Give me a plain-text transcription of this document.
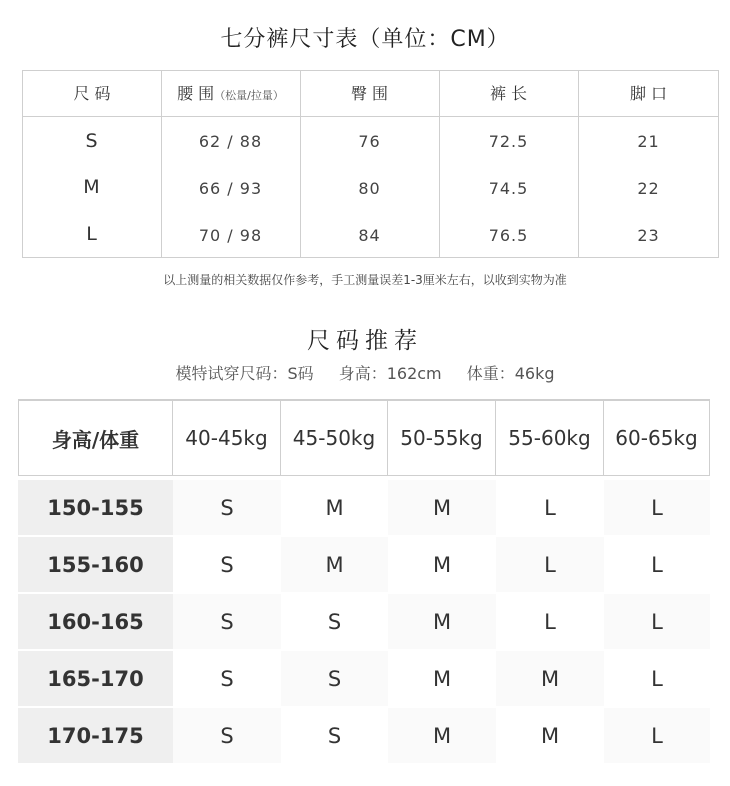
七分裤尺寸表（单位：CM）
尺 码	腰 围（松量/拉量）	臀 围	裤 长	脚 口
S	62 / 88	76	72.5	21
M	66 / 93	80	74.5	22
L	70 / 98	84	76.5	23
以上测量的相关数据仅作参考，手工测量误差1-3厘米左右，以收到实物为准
尺码推荐
模特试穿尺码：S码 身高：162cm 体重：46kg
身高/体重	40-45kg	45-50kg	50-55kg	55-60kg	60-65kg
150-155	S	M	M	L	L
155-160	S	M	M	L	L
160-165	S	S	M	L	L
165-170	S	S	M	M	L
170-175	S	S	M	M	L
